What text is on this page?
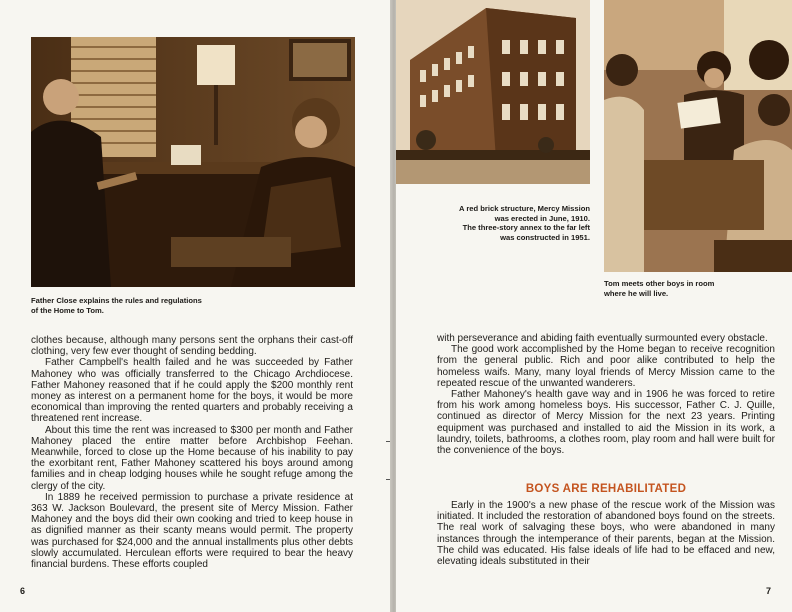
Father Close explains the rules and regulations
of the Home to Tom.

clothes because, although many persons sent the orphans their cast-off clothing, very few ever thought of sending bedding.

Father Campbell's health failed and he was succeeded by Father Mahoney who was officially transferred to the Chicago Archdiocese. Father Mahoney reasoned that if he could apply the $200 monthly rent money as interest on a permanent home for the boys, it would be more economical than improving the rented quarters and probably receiving a threatened rent increase.

About this time the rent was increased to $300 per month and Father Mahoney placed the entire matter before Archbishop Feehan. Meanwhile, forced to close up the Home because of his inability to pay the exorbitant rent, Father Mahoney scattered his boys around among families and in cheap lodging houses while he sought refuge among the clergy of the city.

In 1889 he received permission to purchase a private residence at 363 W. Jackson Boulevard, the present site of Mercy Mission. Father Mahoney and the boys did their own cooking and tried to keep house in as dignified manner as their scanty means would permit. The property was purchased for $24,000 and the annual installments plus other debts slowly accumulated. Herculean efforts were required to bear the heavy financial burdens. These efforts coupled

6
A red brick structure, Mercy Mission
was erected in June, 1910.
The three-story annex to the far left
was constructed in 1951.
Tom meets other boys in room
where he will live.

with perseverance and abiding faith eventually surmounted every obstacle.

The good work accomplished by the Home began to receive recognition from the general public. Rich and poor alike contributed to help the homeless waifs. Many, many loyal friends of Mercy Mission came to the repeated rescue of the unwanted wanderers.

Father Mahoney's health gave way and in 1906 he was forced to retire from his work among homeless boys. His successor, Father C. J. Quille, continued as director of Mercy Mission for the next 23 years. Printing equipment was purchased and installed to aid the Mission in its work, a laundry, toilets, bathrooms, a clothes room, play room and hall were built for the convenience of the boys.

BOYS ARE REHABILITATED

Early in the 1900's a new phase of the rescue work of the Mission was initiated. It included the restoration of abandoned boys found on the streets. The real work of salvaging these boys, who were abandoned in many instances through the intemperance of their parents, began at the Mission. The child was educated. His false ideals of life had to be effaced and new, elevating ideals substituted in their

7
